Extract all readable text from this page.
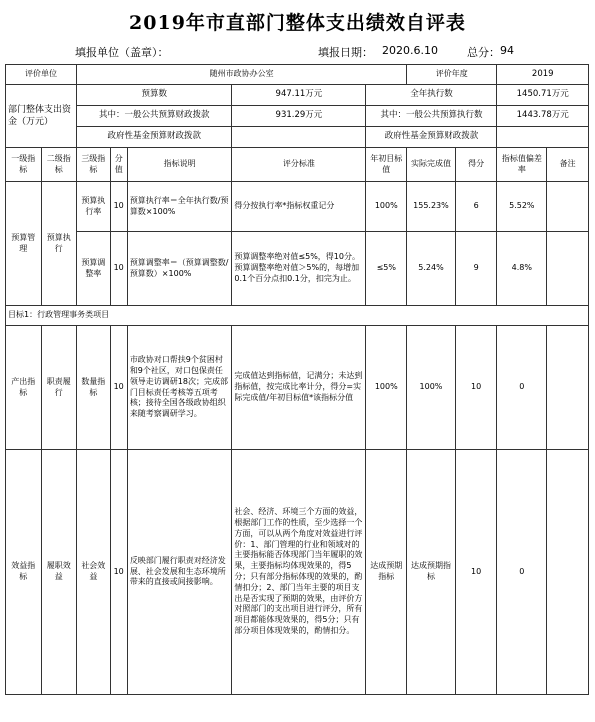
2019年市直部门整体支出绩效自评表
填报单位（盖章）：	填报日期： 2020.6.10	总分： 94
评价单位		随州市政协办公室					评价年度		2019	
部门整体支出资金（万元）		预算数			947.11万元	全年执行数			1450.71万元	
		其中：一般公共预算财政拨款			931.29万元	其中：一般公共预算执行数			1443.78万元	
		政府性基金预算财政拨款				政府性基金预算财政拨款				
一级指标	二级指标	三级指标	分值	指标说明	评分标准	年初目标值	实际完成值	得分	指标值偏差率	备注
预算管理	预算执行	预算执行率	10	预算执行率＝全年执行数/预算数×100%	得分按执行率*指标权重记分	100%	155.23%	6	5.52%	
		预算调整率	10	预算调整率＝（预算调整数/预算数）×100%	预算调整率绝对值≤5%，得10分。预算调整率绝对值＞5%的，每增加0.1个百分点扣0.1分，扣完为止。	≤5%	5.24%	9	4.8%	
目标1：行政管理事务类项目										
产出指标	职责履行	数量指标	10	市政协对口帮扶9个贫困村和9个社区，对口包保责任领导走访调研18次；完成部门目标责任考核等五项考核；接待全国各级政协组织来随考察调研学习。	完成值达到指标值，记满分；未达到指标值，按完成比率计分，得分=实际完成值/年初目标值*该指标分值	100%	100%	10	0	
效益指标	履职效益	社会效益	10	反映部门履行职责对经济发展、社会发展和生态环境所带来的直接或间接影响。	社会、经济、环境三个方面的效益，根据部门工作的性质，至少选择一个方面，可以从两个角度对效益进行评价：1、部门管理的行业和领域对的主要指标能否体现部门当年履职的效果，主要指标均体现效果的，得5分；只有部分指标体现的效果的，酌情扣分；2、部门当年主要的项目支出是否实现了预期的效果，由评价方对照部门的支出项目进行评分，所有项目都能体现效果的，得5分；只有部分项目体现效果的，酌情扣分。	达成预期指标	达成预期指标	10	0	
